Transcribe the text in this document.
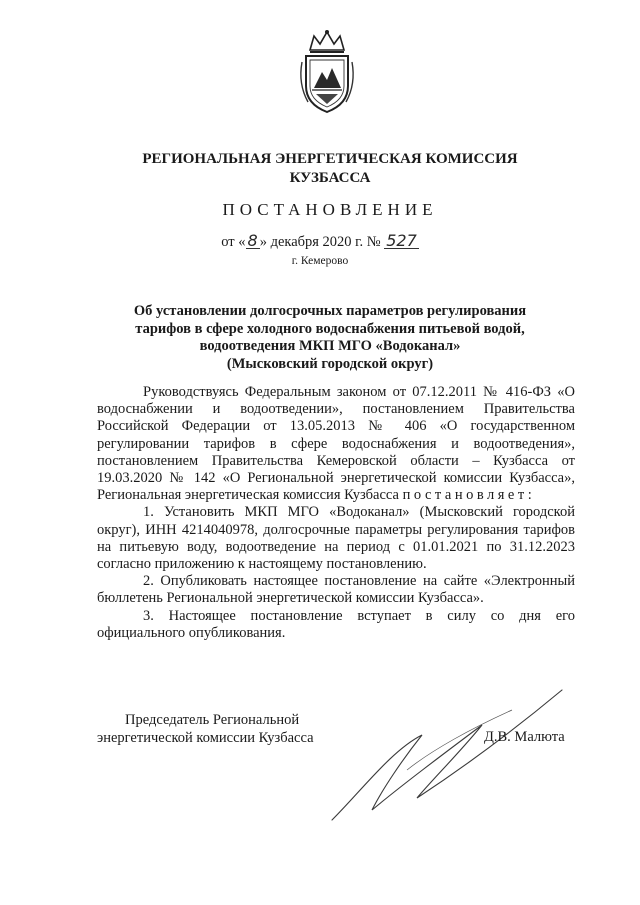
РЕГИОНАЛЬНАЯ ЭНЕРГЕТИЧЕСКАЯ КОМИССИЯ
КУЗБАССА
ПОСТАНОВЛЕНИЕ
от « 8 » декабря 2020 г. № 527
г. Кемерово
Об установлении долгосрочных параметров регулирования
тарифов в сфере холодного водоснабжения питьевой водой,
водоотведения МКП МГО «Водоканал»
(Мысковский городской округ)

Руководствуясь Федеральным законом от 07.12.2011 № 416-ФЗ «О водоснабжении и водоотведении», постановлением Правительства Российской Федерации от 13.05.2013 № 406 «О государственном регулировании тарифов в сфере водоснабжения и водоотведения», постановлением Правительства Кемеровской области – Кузбасса от 19.03.2020 № 142 «О Региональной энергетической комиссии Кузбасса», Региональная энергетическая комиссия Кузбасса постановляет:

1. Установить МКП МГО «Водоканал» (Мысковский городской округ), ИНН 4214040978, долгосрочные параметры регулирования тарифов на питьевую воду, водоотведение на период с 01.01.2021 по 31.12.2023 согласно приложению к настоящему постановлению.

2. Опубликовать настоящее постановление на сайте «Электронный бюллетень Региональной энергетической комиссии Кузбасса».

3. Настоящее постановление вступает в силу со дня его официального опубликования.

Председатель Региональной
энергетической комиссии Кузбасса	Д.В. Малюта
